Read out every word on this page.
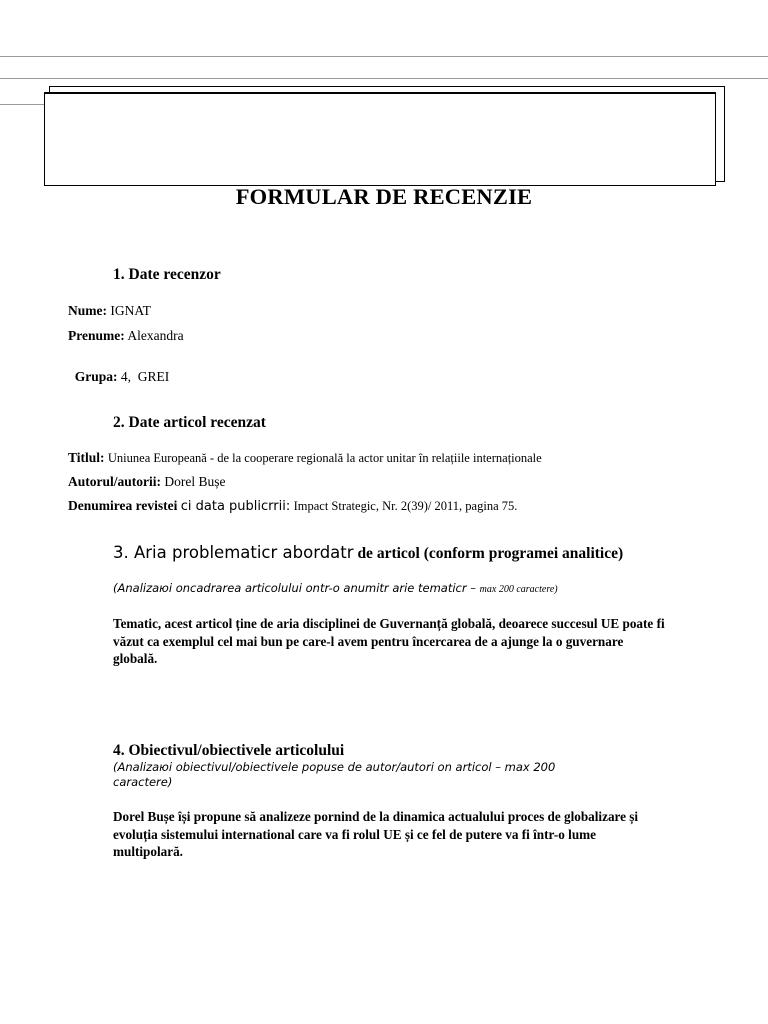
FORMULAR DE RECENZIE
1. Date recenzor
Nume: IGNAT
Prenume: Alexandra

Grupa: 4,  GREI

2. Date articol recenzat
Titlul: Uniunea Europeană - de la cooperare regională la actor unitar în relațiile internaționale
Autorul/autorii: Dorel Bușe
Denumirea revistei ci data publicrrii: Impact Strategic, Nr. 2(39)/ 2011, pagina 75.
3. Aria problematicr abordatr de articol (conform programei analitice)
(Analizaюi oncadrarea articolului ontr-o anumitr arie tematicr – max 200 caractere)
Tematic, acest articol ține de aria disciplinei de Guvernanță globală, deoarece succesul UE poate fi văzut ca exemplul cel mai bun pe care-l avem pentru încercarea de a ajunge la o guvernare globală.
4. Obiectivul/obiectivele articolului
(Analizaюi obiectivul/obiectivele popuse de autor/autori on articol – max 200 caractere)
Dorel Bușe își propune să analizeze pornind de la dinamica actualului proces de globalizare și evoluția sistemului international care va fi rolul UE și ce fel de putere va fi într-o lume multipolară.
